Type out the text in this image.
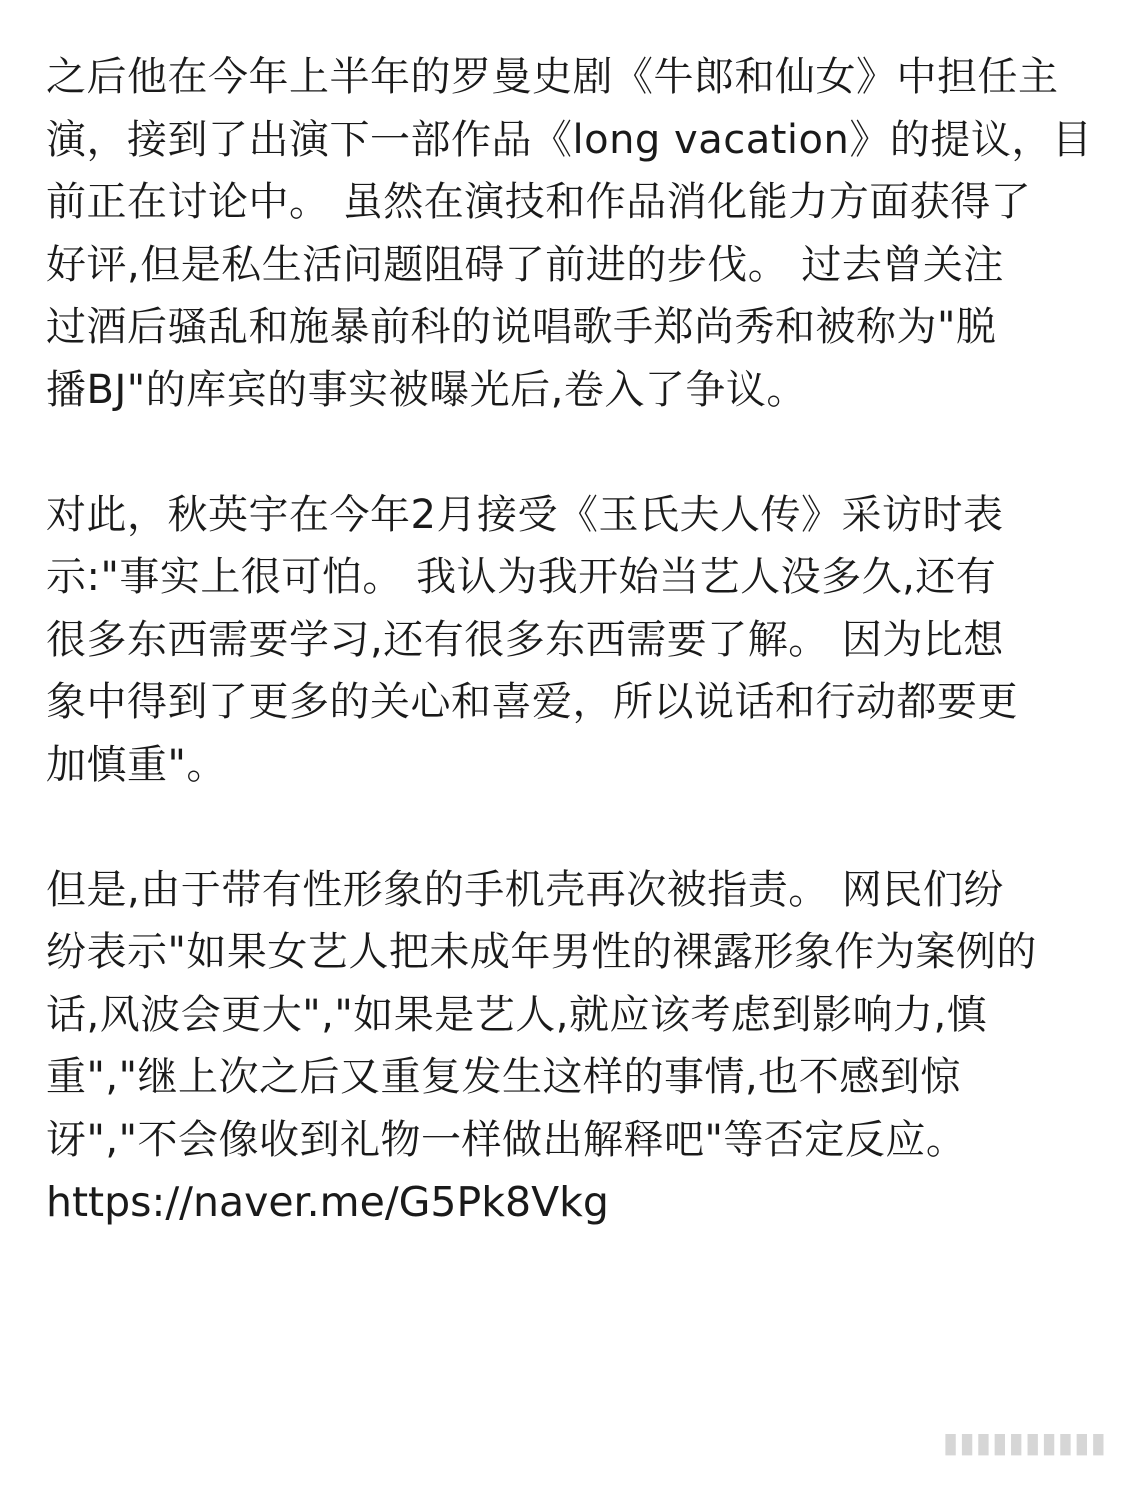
之后他在今年上半年的罗曼史剧《牛郎和仙女》中担任主
演，接到了出演下一部作品《long vacation》的提议，目
前正在讨论中。 虽然在演技和作品消化能力方面获得了
好评,但是私生活问题阻碍了前进的步伐。 过去曾关注
过酒后骚乱和施暴前科的说唱歌手郑尚秀和被称为"脱
播BJ"的库宾的事实被曝光后,卷入了争议。
对此，秋英宇在今年2月接受《玉氏夫人传》采访时表
示:"事实上很可怕。 我认为我开始当艺人没多久,还有
很多东西需要学习,还有很多东西需要了解。 因为比想
象中得到了更多的关心和喜爱，所以说话和行动都要更
加慎重"。
但是,由于带有性形象的手机壳再次被指责。 网民们纷
纷表示"如果女艺人把未成年男性的裸露形象作为案例的
话,风波会更大","如果是艺人,就应该考虑到影响力,慎
重","继上次之后又重复发生这样的事情,也不感到惊
讶","不会像收到礼物一样做出解释吧"等否定反应。
https://naver.me/G5Pk8Vkg
▮▮▮▮▮▮▮▮▮▮
